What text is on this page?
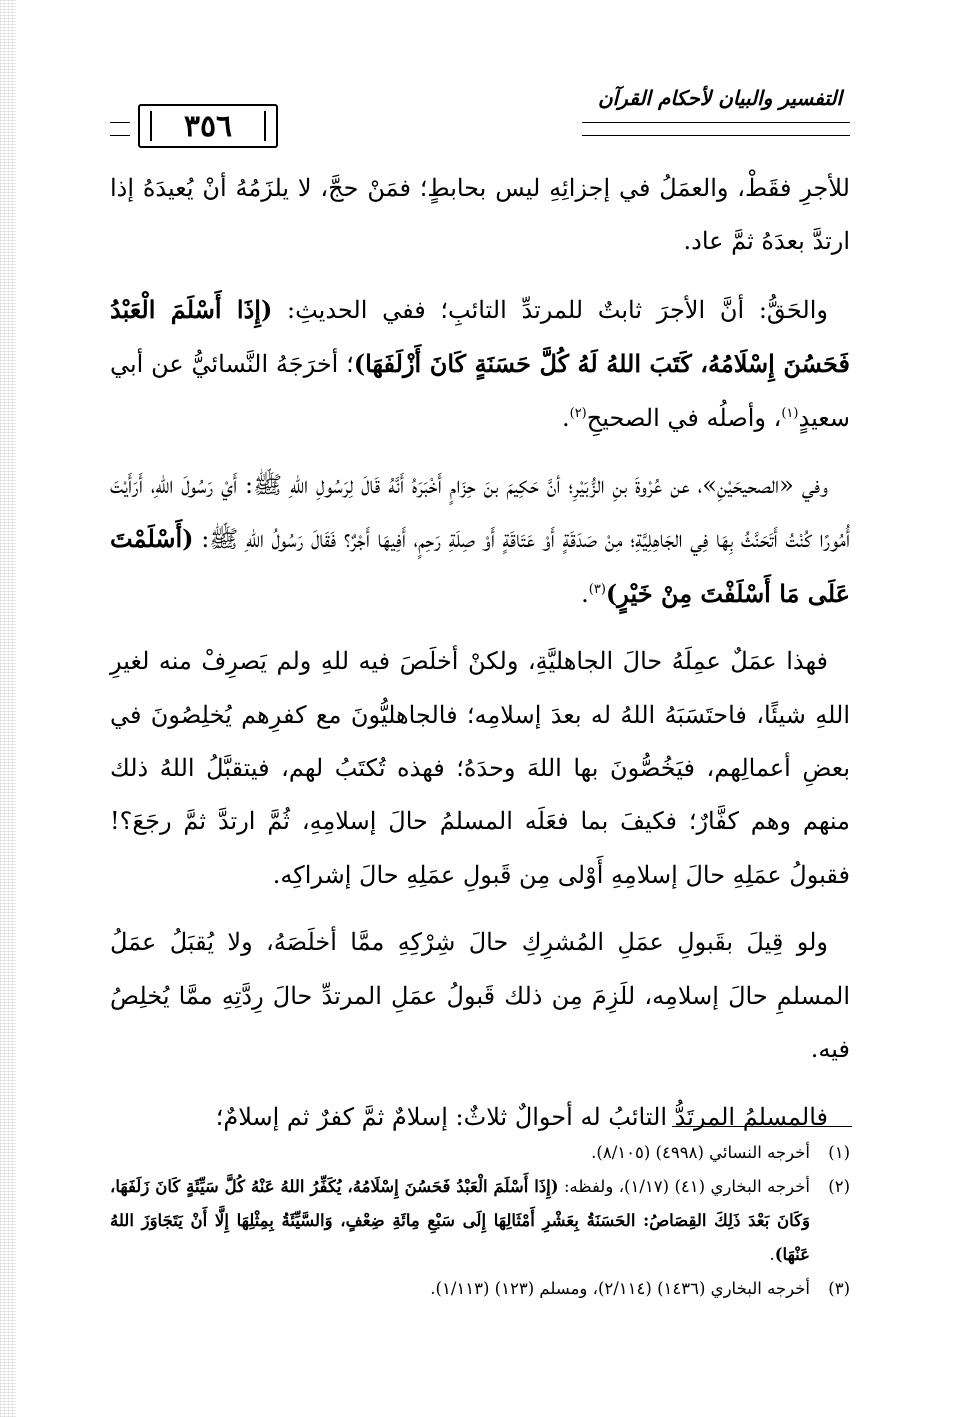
التفسير والبيان لأحكام القرآن
٣٥٦

للأجرِ فقَطْ، والعمَلُ في إجزائِهِ ليس بحابطٍ؛ فمَنْ حجَّ، لا يلزَمُهُ أنْ يُعيدَهُ إذا ارتدَّ بعدَهُ ثمَّ عاد.

والحَقُّ: أنَّ الأجرَ ثابتٌ للمرتدِّ التائبِ؛ ففي الحديثِ: (إِذَا أَسْلَمَ الْعَبْدُ فَحَسُنَ إِسْلَامُهُ، كَتَبَ اللهُ لَهُ كُلَّ حَسَنَةٍ كَانَ أَزْلَفَهَا)؛ أخرَجَهُ النَّسائيُّ عن أبي سعيدٍ$^{(١)}$، وأصلُه في الصحيحِ$^{(٢)}$.

وفي «الصحيحَيْنِ»، عن عُرْوةَ بنِ الزُّبَيْرِ؛ أنَّ حَكِيمَ بنَ حِزَامٍ أَخْبَرَهُ أَنَّهُ قَالَ لِرَسُولِ اللهِ ﷺ: أَيْ رَسُولَ اللهِ، أَرَأَيْتَ أُمُورًا كُنْتُ أَتَحَنَّثُ بِهَا فِي الجَاهِلِيَّةِ؛ مِنْ صَدَقَةٍ أَوْ عَتَاقَةٍ أَوْ صِلَةِ رَحِمٍ، أَفِيهَا أَجْرٌ؟ فَقَالَ رَسُولُ اللهِ ﷺ: (أَسْلَمْتَ عَلَى مَا أَسْلَفْتَ مِنْ خَيْرٍ)$^{(٣)}$.

فهذا عمَلٌ عمِلَهُ حالَ الجاهليَّةِ، ولكنْ أخلَصَ فيه للهِ ولم يَصرِفْ منه لغيرِ اللهِ شيئًا، فاحتَسَبَهُ اللهُ له بعدَ إسلامِه؛ فالجاهليُّونَ مع كفرِهم يُخلِصُونَ في بعضِ أعمالِهم، فيَخُصُّونَ بها اللهَ وحدَهُ؛ فهذه تُكتَبُ لهم، فيتقبَّلُ اللهُ ذلك منهم وهم كفَّارٌ؛ فكيفَ بما فعَلَه المسلمُ حالَ إسلامِهِ، ثُمَّ ارتدَّ ثمَّ رجَعَ؟! فقبولُ عمَلِهِ حالَ إسلامِهِ أَوْلى مِن قَبولِ عمَلِهِ حالَ إشراكِه.

ولو قِيلَ بقَبولِ عمَلِ المُشرِكِ حالَ شِرْكِهِ ممَّا أخلَصَهُ، ولا يُقبَلُ عمَلُ المسلمِ حالَ إسلامِه، للَزِمَ مِن ذلك قَبولُ عمَلِ المرتدِّ حالَ رِدَّتِهِ ممَّا يُخلِصُ فيه.

فالمسلمُ المرتَدُّ التائبُ له أحوالٌ ثلاثٌ: إسلامٌ ثمَّ كفرٌ ثم إسلامٌ؛

(١)
أخرجه النسائي (٤٩٩٨) (٨/١٠٥).
(٢)
أخرجه البخاري (٤١) (١/١٧)، ولفظه: (إِذَا أَسْلَمَ الْعَبْدُ فَحَسُنَ إِسْلَامُهُ، يُكَفِّرُ اللهُ عَنْهُ كُلَّ سَيِّئَةٍ كَانَ زَلَفَهَا، وَكَانَ بَعْدَ ذَلِكَ القِصَاصُ: الحَسَنَةُ بِعَشْرِ أَمْثَالِهَا إِلَى سَبْعِ مِائَةِ ضِعْفٍ، وَالسَّيِّئَةُ بِمِثْلِهَا إِلَّا أَنْ يَتَجَاوَزَ اللهُ عَنْهَا).
(٣)
أخرجه البخاري (١٤٣٦) (٢/١١٤)، ومسلم (١٢٣) (١/١١٣).
